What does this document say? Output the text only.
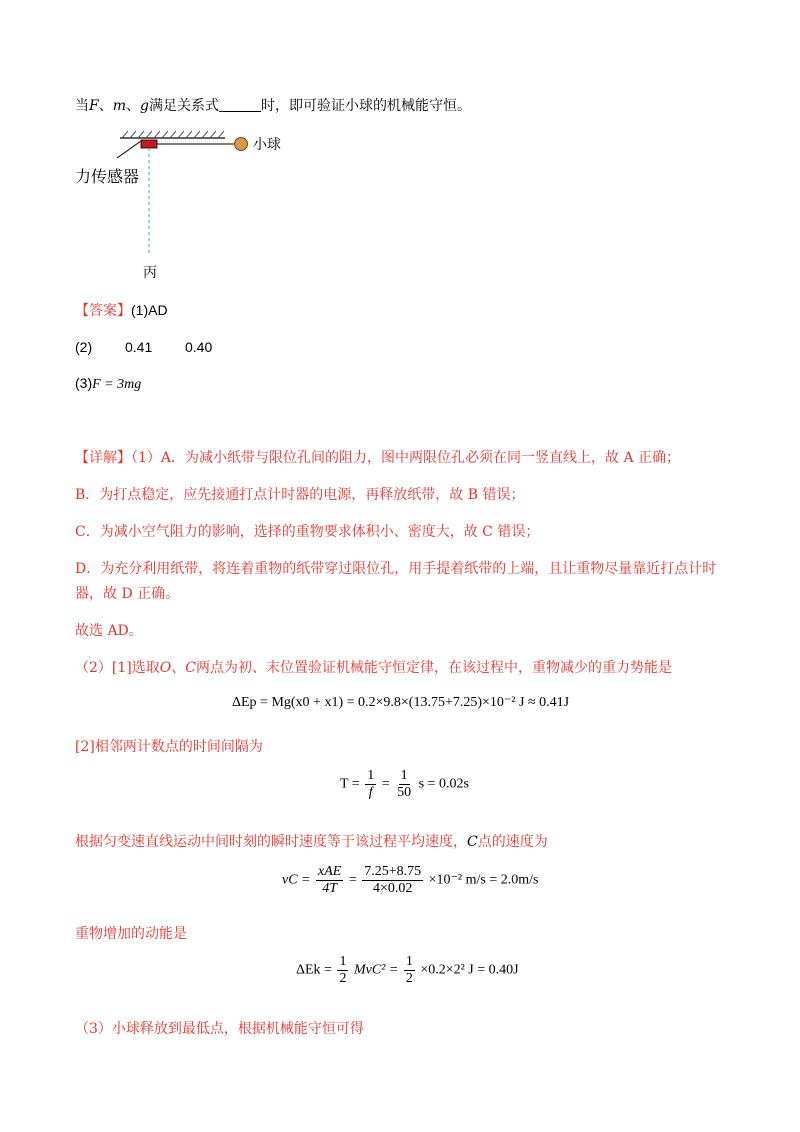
当F、m、g满足关系式	时，即可验证小球的机械能守恒。
小球
力传感器
丙
【答案】(1)AD
(2) 0.41 0.40
(3)F = 3mg
【详解】（1）A．为减小纸带与限位孔间的阻力，图中两限位孔必须在同一竖直线上，故 A 正确；
B．为打点稳定，应先接通打点计时器的电源，再释放纸带，故 B 错误；
C．为减小空气阻力的影响，选择的重物要求体积小、密度大，故 C 错误；
D．为充分利用纸带，将连着重物的纸带穿过限位孔，用手提着纸带的上端，且让重物尽量靠近打点计时
器，故 D 正确。
故选 AD。
（2）[1]选取O、C两点为初、末位置验证机械能守恒定律，在该过程中，重物减少的重力势能是
ΔEp = Mg(x0 + x1) = 0.2×9.8×(13.75+7.25)×10⁻² J ≈ 0.41J
[2]相邻两计数点的时间间隔为
$T = \frac{1}{f} = \frac{1}{50}$ s = 0.02s
根据匀变速直线运动中间时刻的瞬时速度等于该过程平均速度，C点的速度为
vC = $\frac{\text{xAE}}{4T} = \frac{7.25+8.75}{4\times 0.02} \times 10^{-2}$ m/s = 2.0m/s
重物增加的动能是
$\Delta Ek = \frac{1}{2} MvC^2 = \frac{1}{2} \times 0.2\times 2^2$ J = 0.40J
（3）小球释放到最低点，根据机械能守恒可得
